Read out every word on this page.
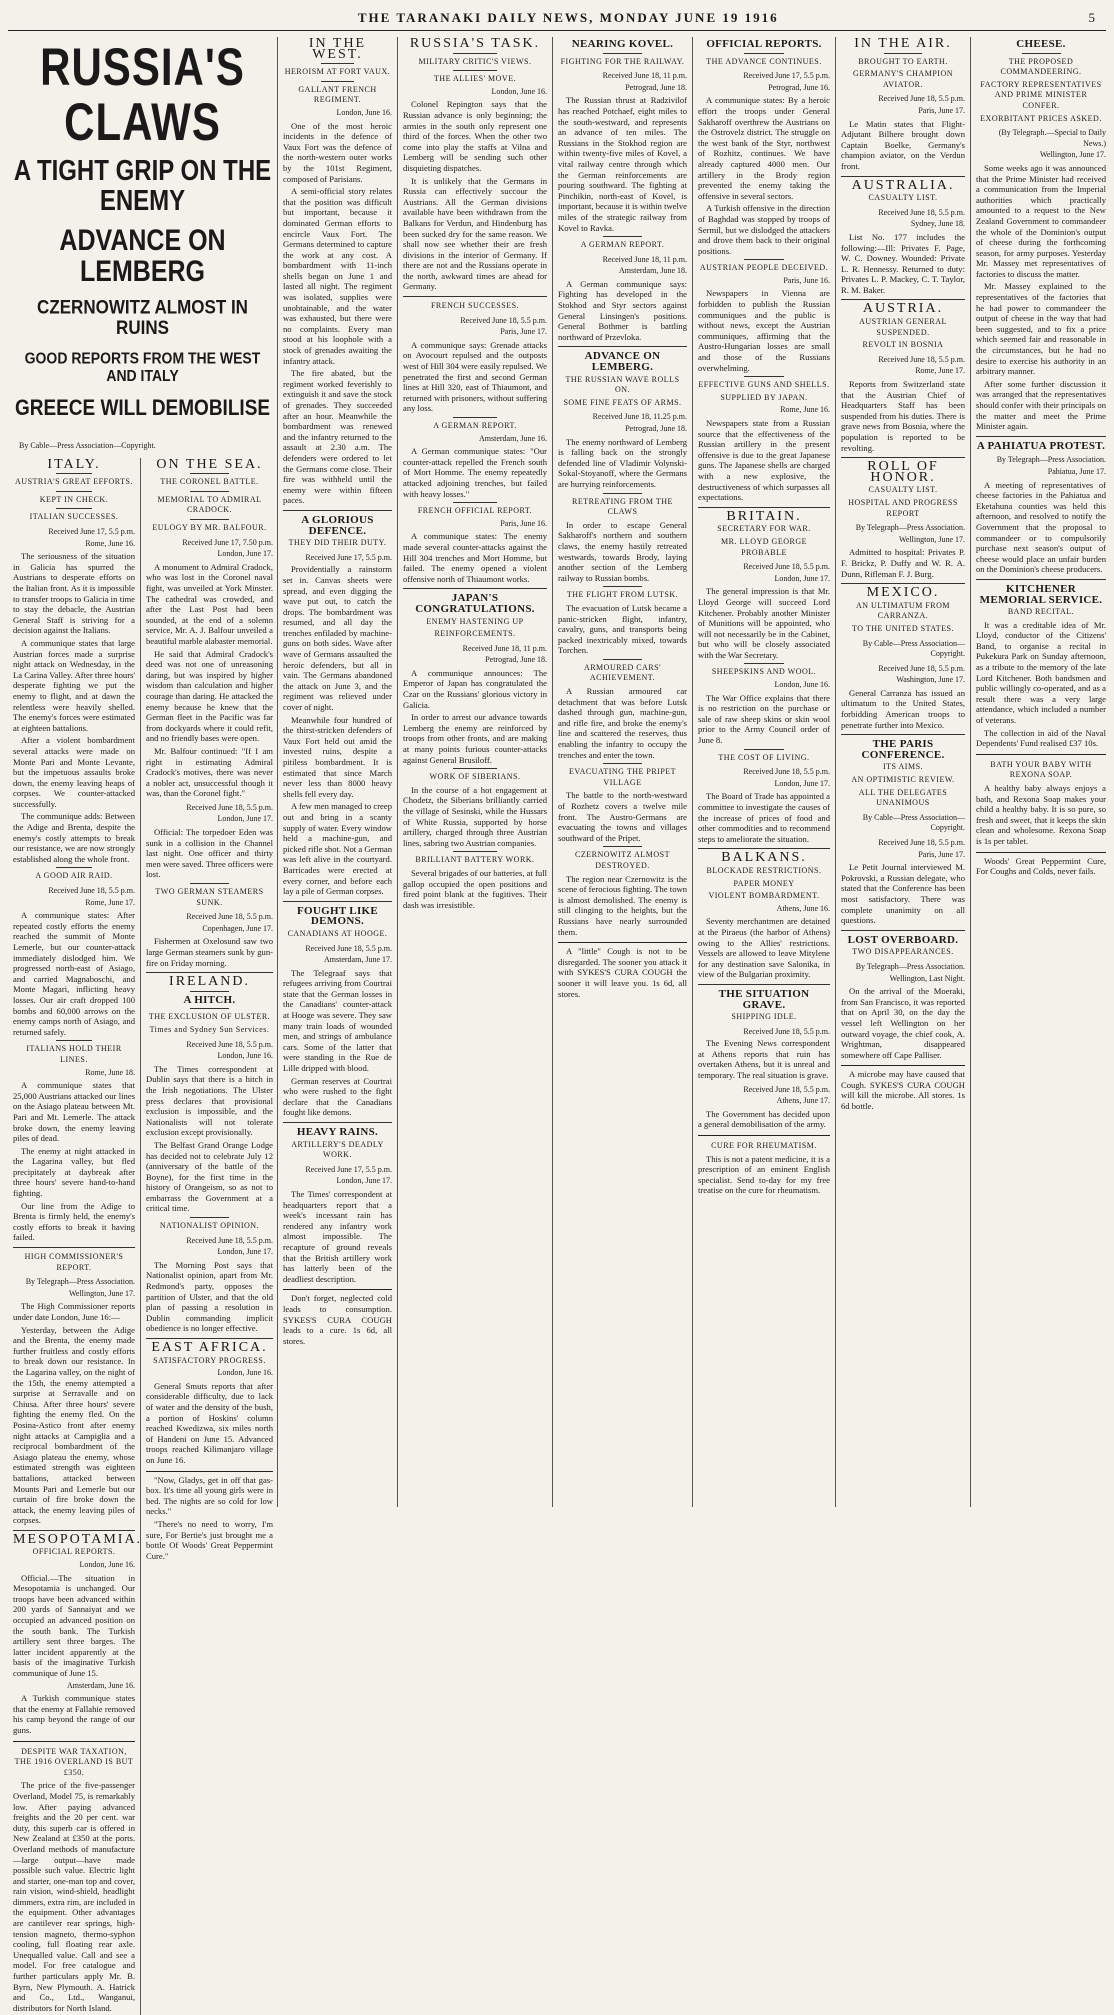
THE TARANAKI DAILY NEWS, MONDAY JUNE 19 1916	5
RUSSIA'S CLAWS
A TIGHT GRIP ON THE ENEMY
ADVANCE ON LEMBERG
CZERNOWITZ ALMOST IN RUINS
GOOD REPORTS FROM THE WEST AND ITALY
GREECE WILL DEMOBILISE
By Cable—Press Association—Copyright.
ITALY.
AUSTRIA'S GREAT EFFORTS.
KEPT IN CHECK.
ITALIAN SUCCESSES.

Received June 17, 5.5 p.m.

Rome, June 16.

The seriousness of the situation in Galicia has spurred the Austrians to desperate efforts on the Italian front. As it is impossible to transfer troops to Galicia in time to stay the debacle, the Austrian General Staff is striving for a decision against the Italians.

A communique states that large Austrian forces made a surprise night attack on Wednesday, in the La Carina Valley. After three hours' desperate fighting we put the enemy to flight, and at dawn the relentless were heavily shelled. The enemy's forces were estimated at eighteen battalions.

After a violent bombardment several attacks were made on Monte Pari and Monte Levante, but the impetuous assaults broke down, the enemy leaving heaps of corpses. We counter-attacked successfully.

The communique adds: Between the Adige and Brenta, despite the enemy's costly attempts to break our resistance, we are now strongly established along the whole front.

A GOOD AIR RAID.

Received June 18, 5.5 p.m.

Rome, June 17.

A communique states: After repeated costly efforts the enemy reached the summit of Monte Lemerle, but our counter-attack immediately dislodged him. We progressed north-east of Asiago, and carried Magnaboschi, and Monte Magari, inflicting heavy losses. Our air craft dropped 100 bombs and 60,000 arrows on the enemy camps north of Asiago, and returned safely.

ITALIANS HOLD THEIR LINES.

Rome, June 18.

A communique states that 25,000 Austrians attacked our lines on the Asiago plateau between Mt. Pari and Mt. Lemerle. The attack broke down, the enemy leaving piles of dead.

The enemy at night attacked in the Lagarina valley, but fled precipitately at daybreak after three hours' severe hand-to-hand fighting.

Our line from the Adige to Brenta is firmly held, the enemy's costly efforts to break it having failed.

HIGH COMMISSIONER'S REPORT.

By Telegraph—Press Association.

Wellington, June 17.

The High Commissioner reports under date London, June 16:—

Yesterday, between the Adige and the Brenta, the enemy made further fruitless and costly efforts to break down our resistance. In the Lagarina valley, on the night of the 15th, the enemy attempted a surprise at Serravalle and on Chiusa. After three hours' severe fighting the enemy fled. On the Posina-Astico front after enemy night attacks at Campiglia and a reciprocal bombardment of the Asiago plateau the enemy, whose estimated strength was eighteen battalions, attacked between Mounts Pari and Lemerle but our curtain of fire broke down the attack, the enemy leaving piles of corpses.

MESOPOTAMIA.
OFFICIAL REPORTS.

London, June 16.

Official.—The situation in Mesopotamia is unchanged. Our troops have been advanced within 200 yards of Sannaiyat and we occupied an advanced position on the south bank. The Turkish artillery sent three barges. The latter incident apparently at the basis of the imaginative Turkish communique of June 15.

Amsterdam, June 16.

A Turkish communique states that the enemy at Fallahie removed his camp beyond the range of our guns.

DESPITE WAR TAXATION, THE 1916 OVERLAND IS BUT £350.

The price of the five-passenger Overland, Model 75, is remarkably low. After paying advanced freights and the 20 per cent. war duty, this superb car is offered in New Zealand at £350 at the ports. Overland methods of manufacture—large output—have made possible such value. Electric light and starter, one-man top and cover, rain vision, wind-shield, headlight dimmers, extra rim, are included in the equipment. Other advantages are cantilever rear springs, high-tension magneto, thermo-syphon cooling, full floating rear axle. Unequalled value. Call and see a model. For free catalogue and further particulars apply Mr. B. Byrn, New Plymouth. A. Hatrick and Co., Ltd., Wanganui, distributors for North Island.

ON THE SEA.
THE CORONEL BATTLE.
MEMORIAL TO ADMIRAL CRADOCK.
EULOGY BY MR. BALFOUR.

Received June 17, 7.50 p.m.

London, June 17.

A monument to Admiral Cradock, who was lost in the Coronel naval fight, was unveiled at York Minster. The cathedral was crowded, and after the Last Post had been sounded, at the end of a solemn service, Mr. A. J. Balfour unveiled a beautiful marble alabaster memorial.

He said that Admiral Cradock's deed was not one of unreasoning daring, but was inspired by higher wisdom than calculation and higher courage than daring. He attacked the enemy because he knew that the German fleet in the Pacific was far from dockyards where it could refit, and no friendly bases were open.

Mr. Balfour continued: "If I am right in estimating Admiral Cradock's motives, there was never a nobler act, unsuccessful though it was, than the Coronel fight."

Received June 18, 5.5 p.m.

London, June 17.

Official: The torpedoer Eden was sunk in a collision in the Channel last night. One officer and thirty men were saved. Three officers were lost.

TWO GERMAN STEAMERS SUNK.

Received June 18, 5.5 p.m.

Copenhagen, June 17.

Fishermen at Oxelosund saw two large German steamers sunk by gun-fire on Friday morning.

IRELAND.
A HITCH.
THE EXCLUSION OF ULSTER.
Times and Sydney Sun Services.

Received June 18, 5.5 p.m.

London, June 16.

The Times correspondent at Dublin says that there is a hitch in the Irish negotiations. The Ulster press declares that provisional exclusion is impossible, and the Nationalists will not tolerate exclusion except provisionally.

The Belfast Grand Orange Lodge has decided not to celebrate July 12 (anniversary of the battle of the Boyne), for the first time in the history of Orangeism, so as not to embarrass the Government at a critical time.

NATIONALIST OPINION.

Received June 18, 5.5 p.m.

London, June 17.

The Morning Post says that Nationalist opinion, apart from Mr. Redmond's party, opposes the partition of Ulster, and that the old plan of passing a resolution in Dublin commanding implicit obedience is no longer effective.

EAST AFRICA.
SATISFACTORY PROGRESS.

London, June 16.

General Smuts reports that after considerable difficulty, due to lack of water and the density of the bush, a portion of Hoskins' column reached Kwedizwa, six miles north of Handeni on June 15. Advanced troops reached Kilimanjaro village on June 16.

"Now, Gladys, get in off that gas-box. It's time all young girls were in bed. The nights are so cold for low necks."

"There's no need to worry, I'm sure, For Bertie's just brought me a bottle Of Woods' Great Peppermint Cure."

IN THE WEST.
HEROISM AT FORT VAUX.
GALLANT FRENCH REGIMENT.

London, June 16.

One of the most heroic incidents in the defence of Vaux Fort was the defence of the north-western outer works by the 101st Regiment, composed of Parisians.

A semi-official story relates that the position was difficult but important, because it dominated German efforts to encircle Vaux Fort. The Germans determined to capture the work at any cost. A bombardment with 11-inch shells began on June 1 and lasted all night. The regiment was isolated, supplies were unobtainable, and the water was exhausted, but there were no complaints. Every man stood at his loophole with a stock of grenades awaiting the infantry attack.

The fire abated, but the regiment worked feverishly to extinguish it and save the stock of grenades. They succeeded after an hour. Meanwhile the bombardment was renewed and the infantry returned to the assault at 2.30 a.m. The defenders were ordered to let the Germans come close. Their fire was withheld until the enemy were within fifteen paces.

A GLORIOUS DEFENCE.
THEY DID THEIR DUTY.

Received June 17, 5.5 p.m.

Providentially a rainstorm set in. Canvas sheets were spread, and even digging the wave put out, to catch the drops. The bombardment was resumed, and all day the trenches enfiladed by machine-guns on both sides. Wave after wave of Germans assaulted the heroic defenders, but all in vain. The Germans abandoned the attack on June 3, and the regiment was relieved under cover of night.

Meanwhile four hundred of the thirst-stricken defenders of Vaux Fort held out amid the invested ruins, despite a pitiless bombardment. It is estimated that since March never less than 8000 heavy shells fell every day.

A few men managed to creep out and bring in a scanty supply of water. Every window held a machine-gun, and picked rifle shot. Not a German was left alive in the courtyard. Barricades were erected at every corner, and before each lay a pile of German corpses.

FOUGHT LIKE DEMONS.
CANADIANS AT HOOGE.

Received June 18, 5.5 p.m.

Amsterdam, June 17.

The Telegraaf says that refugees arriving from Courtrai state that the German losses in the Canadians' counter-attack at Hooge was severe. They saw many train loads of wounded men, and strings of ambulance cars. Some of the latter that were standing in the Rue de Lille dripped with blood.

German reserves at Courtrai who were rushed to the fight declare that the Canadians fought like demons.

HEAVY RAINS.
ARTILLERY'S DEADLY WORK.

Received June 17, 5.5 p.m.

London, June 17.

The Times' correspondent at headquarters report that a week's incessant rain has rendered any infantry work almost impossible. The recapture of ground reveals that the British artillery work has latterly been of the deadliest description.

Don't forget, neglected cold leads to consumption. SYKES'S CURA COUGH leads to a cure. 1s 6d, all stores.

RUSSIA'S TASK.
MILITARY CRITIC'S VIEWS.
THE ALLIES' MOVE.

London, June 16.

Colonel Repington says that the Russian advance is only beginning; the armies in the south only represent one third of the forces. When the other two come into play the staffs at Vilna and Lemberg will be sending such other disquieting dispatches.

It is unlikely that the Germans in Russia can effectively succour the Austrians. All the German divisions available have been withdrawn from the Balkans for Verdun, and Hindenburg has been sucked dry for the same reason. We shall now see whether their are fresh divisions in the interior of Germany. If there are not and the Russians operate in the north, awkward times are ahead for Germany.

FRENCH SUCCESSES.

Received June 18, 5.5 p.m.

Paris, June 17.

A communique says: Grenade attacks on Avocourt repulsed and the outposts west of Hill 304 were easily repulsed. We penetrated the first and second German lines at Hill 320, east of Thiaumont, and returned with prisoners, without suffering any loss.

A GERMAN REPORT.

Amsterdam, June 16.

A German communique states: "Our counter-attack repelled the French south of Mort Homme. The enemy repeatedly attacked adjoining trenches, but failed with heavy losses."

FRENCH OFFICIAL REPORT.

Paris, June 16.

A communique states: The enemy made several counter-attacks against the Hill 304 trenches and Mort Homme, but failed. The enemy opened a violent offensive north of Thiaumont works.

JAPAN'S CONGRATULATIONS.
ENEMY HASTENING UP
REINFORCEMENTS.

Received June 18, 11 p.m.

Petrograd, June 18.

A communique announces: The Emperor of Japan has congratulated the Czar on the Russians' glorious victory in Galicia.

In order to arrest our advance towards Lemberg the enemy are reinforced by troops from other fronts, and are making at many points furious counter-attacks against General Brusiloff.

WORK OF SIBERIANS.

In the course of a hot engagement at Chodetz, the Siberians brilliantly carried the village of Sesinski, while the Hussars of White Russia, supported by horse artillery, charged through three Austrian lines, sabring two Austrian companies.

BRILLIANT BATTERY WORK.

Several brigades of our batteries, at full gallop occupied the open positions and fired point blank at the fugitives. Their dash was irresistible.

NEARING KOVEL.
FIGHTING FOR THE RAILWAY.

Received June 18, 11 p.m.

Petrograd, June 18.

The Russian thrust at Radzivilof has reached Potchaef, eight miles to the south-westward, and represents an advance of ten miles. The Russians in the Stokhod region are within twenty-five miles of Kovel, a vital railway centre through which the German reinforcements are pouring southward. The fighting at Pinchikin, north-east of Kovel, is important, because it is within twelve miles of the strategic railway from Kovel to Ravka.

A GERMAN REPORT.

Received June 18, 11 p.m.

Amsterdam, June 18.

A German communique says: Fighting has developed in the Stokhod and Styr sectors against General Linsingen's positions. General Bothmer is battling northward of Przevloka.

ADVANCE ON LEMBERG.
THE RUSSIAN WAVE ROLLS ON.
SOME FINE FEATS OF ARMS.

Received June 18, 11.25 p.m.

Petrograd, June 18.

The enemy northward of Lemberg is falling back on the strongly defended line of Vladimir Volynski-Sokal-Stoyanoff, where the Germans are hurrying reinforcements.

RETREATING FROM THE CLAWS

In order to escape General Sakharoff's northern and southern claws, the enemy hastily retreated westwards, towards Brody, laying another section of the Lemberg railway to Russian bombs.

THE FLIGHT FROM LUTSK.

The evacuation of Lutsk became a panic-stricken flight, infantry, cavalry, guns, and transports being packed inextricably mixed, towards Torchen.

ARMOURED CARS' ACHIEVEMENT.

A Russian armoured car detachment that was before Lutsk dashed through gun, machine-gun, and rifle fire, and broke the enemy's line and scattered the reserves, thus enabling the infantry to occupy the trenches and enter the town.

EVACUATING THE PRIPET VILLAGE

The battle to the north-westward of Rozhetz covers a twelve mile front. The Austro-Germans are evacuating the towns and villages southward of the Pripet.

CZERNOWITZ ALMOST DESTROYED.

The region near Czernowitz is the scene of ferocious fighting. The town is almost demolished. The enemy is still clinging to the heights, but the Russians have nearly surrounded them.

A "little" Cough is not to be disregarded. The sooner you attack it with SYKES'S CURA COUGH the sooner it will leave you. 1s 6d, all stores.

OFFICIAL REPORTS.
THE ADVANCE CONTINUES.

Received June 17, 5.5 p.m.

Petrograd, June 16.

A communique states: By a heroic effort the troops under General Sakharoff overthrew the Austrians on the Ostrovelz district. The struggle on the west bank of the Styr, northwest of Rozhitz, continues. We have already captured 4000 men. Our artillery in the Brody region prevented the enemy taking the offensive in several sectors.

A Turkish offensive in the direction of Baghdad was stopped by troops of Sermil, but we dislodged the attackers and drove them back to their original positions.

AUSTRIAN PEOPLE DECEIVED.

Paris, June 16.

Newspapers in Vienna are forbidden to publish the Russian communiques and the public is without news, except the Austrian communiques, affirming that the Austro-Hungarian losses are small and those of the Russians overwhelming.

EFFECTIVE GUNS AND SHELLS.
SUPPLIED BY JAPAN.

Rome, June 16.

Newspapers state from a Russian source that the effectiveness of the Russian artillery in the present offensive is due to the great Japanese guns. The Japanese shells are charged with a new explosive, the destructiveness of which surpasses all expectations.

BRITAIN.
SECRETARY FOR WAR.
MR. LLOYD GEORGE PROBABLE

Received June 18, 5.5 p.m.

London, June 17.

The general impression is that Mr. Lloyd George will succeed Lord Kitchener. Probably another Minister of Munitions will be appointed, who will not necessarily be in the Cabinet, but who will be closely associated with the War Secretary.

SHEEPSKINS AND WOOL.

London, June 16.

The War Office explains that there is no restriction on the purchase or sale of raw sheep skins or skin wool prior to the Army Council order of June 8.

THE COST OF LIVING.

Received June 18, 5.5 p.m.

London, June 17.

The Board of Trade has appointed a committee to investigate the causes of the increase of prices of food and other commodities and to recommend steps to ameliorate the situation.

BALKANS.
BLOCKADE RESTRICTIONS.
PAPER MONEY
VIOLENT BOMBARDMENT.

Athens, June 16.

Seventy merchantmen are detained at the Piraeus (the harbor of Athens) owing to the Allies' restrictions. Vessels are allowed to leave Mitylene for any destination save Salonika, in view of the Bulgarian proximity.

THE SITUATION GRAVE.
SHIPPING IDLE.

Received June 18, 5.5 p.m.

The Evening News correspondent at Athens reports that ruin has overtaken Athens, but it is unreal and temporary. The real situation is grave.

Received June 18, 5.5 p.m.

Athens, June 17.

The Government has decided upon a general demobilisation of the army.

CURE FOR RHEUMATISM.

This is not a patent medicine, it is a prescription of an eminent English specialist. Send to-day for my free treatise on the cure for rheumatism.

IN THE AIR.
BROUGHT TO EARTH.
GERMANY'S CHAMPION AVIATOR.

Received June 18, 5.5 p.m.

Paris, June 17.

Le Matin states that Flight-Adjutant Bilhere brought down Captain Boelke, Germany's champion aviator, on the Verdun front.

AUSTRALIA.
CASUALTY LIST.

Received June 18, 5.5 p.m.

Sydney, June 18.

List No. 177 includes the following:—Ill: Privates F. Page, W. C. Downey. Wounded: Private L. R. Hennessy. Returned to duty: Privates L. P. Mackey, C. T. Taylor, R. M. Baker.

AUSTRIA.
AUSTRIAN GENERAL SUSPENDED.
REVOLT IN BOSNIA

Received June 18, 5.5 p.m.

Rome, June 17.

Reports from Switzerland state that the Austrian Chief of Headquarters Staff has been suspended from his duties. There is grave news from Bosnia, where the population is reported to be revolting.

ROLL OF HONOR.
CASUALTY LIST.
HOSPITAL AND PROGRESS REPORT

By Telegraph—Press Association.

Wellington, June 17.

Admitted to hospital: Privates P. F. Brickz, P. Duffy and W. R. A. Dunn, Rifleman F. J. Burg.

MEXICO.
AN ULTIMATUM FROM CARRANZA.
TO THE UNITED STATES.

By Cable—Press Association—Copyright.

Received June 18, 5.5 p.m.

Washington, June 17.

General Carranza has issued an ultimatum to the United States, forbidding American troops to penetrate further into Mexico.

THE PARIS CONFERENCE.
ITS AIMS.
AN OPTIMISTIC REVIEW.
ALL THE DELEGATES UNANIMOUS

By Cable—Press Association—Copyright.

Received June 18, 5.5 p.m.

Paris, June 17.

Le Petit Journal interviewed M. Pokrovski, a Russian delegate, who stated that the Conference has been most satisfactory. There was complete unanimity on all questions.

LOST OVERBOARD.
TWO DISAPPEARANCES.

By Telegraph—Press Association.

Wellington, Last Night.

On the arrival of the Moeraki, from San Francisco, it was reported that on April 30, on the day the vessel left Wellington on her outward voyage, the chief cook, A. Wrightman, disappeared somewhere off Cape Palliser.

A microbe may have caused that Cough. SYKES'S CURA COUGH will kill the microbe. All stores. 1s 6d bottle.

CHEESE.
THE PROPOSED COMMANDEERING.
FACTORY REPRESENTATIVES AND PRIME MINISTER CONFER.
EXORBITANT PRICES ASKED.

(By Telegraph.—Special to Daily News.)

Wellington, June 17.

Some weeks ago it was announced that the Prime Minister had received a communication from the Imperial authorities which practically amounted to a request to the New Zealand Government to commandeer the whole of the Dominion's output of cheese during the forthcoming season, for army purposes. Yesterday Mr. Massey met representatives of factories to discuss the matter.

Mr. Massey explained to the representatives of the factories that he had power to commandeer the output of cheese in the way that had been suggested, and to fix a price which seemed fair and reasonable in the circumstances, but he had no desire to exercise his authority in an arbitrary manner.

After some further discussion it was arranged that the representatives should confer with their principals on the matter and meet the Prime Minister again.

A PAHIATUA PROTEST.

By Telegraph—Press Association.

Pahiatua, June 17.

A meeting of representatives of cheese factories in the Pahiatua and Eketahuna counties was held this afternoon, and resolved to notify the Government that the proposal to commandeer or to compulsorily purchase next season's output of cheese would place an unfair burden on the Dominion's cheese producers.

KITCHENER MEMORIAL SERVICE.
BAND RECITAL.

It was a creditable idea of Mr. Lloyd, conductor of the Citizens' Band, to organise a recital in Pukekura Park on Sunday afternoon, as a tribute to the memory of the late Lord Kitchener. Both bandsmen and public willingly co-operated, and as a result there was a very large attendance, which included a number of veterans.

The collection in aid of the Naval Dependents' Fund realised £37 10s.

BATH YOUR BABY WITH REXONA SOAP.

A healthy baby always enjoys a bath, and Rexona Soap makes your child a healthy baby. It is so pure, so fresh and sweet, that it keeps the skin clean and wholesome. Rexona Soap is 1s per tablet.

Woods' Great Peppermint Cure, For Coughs and Colds, never fails.
